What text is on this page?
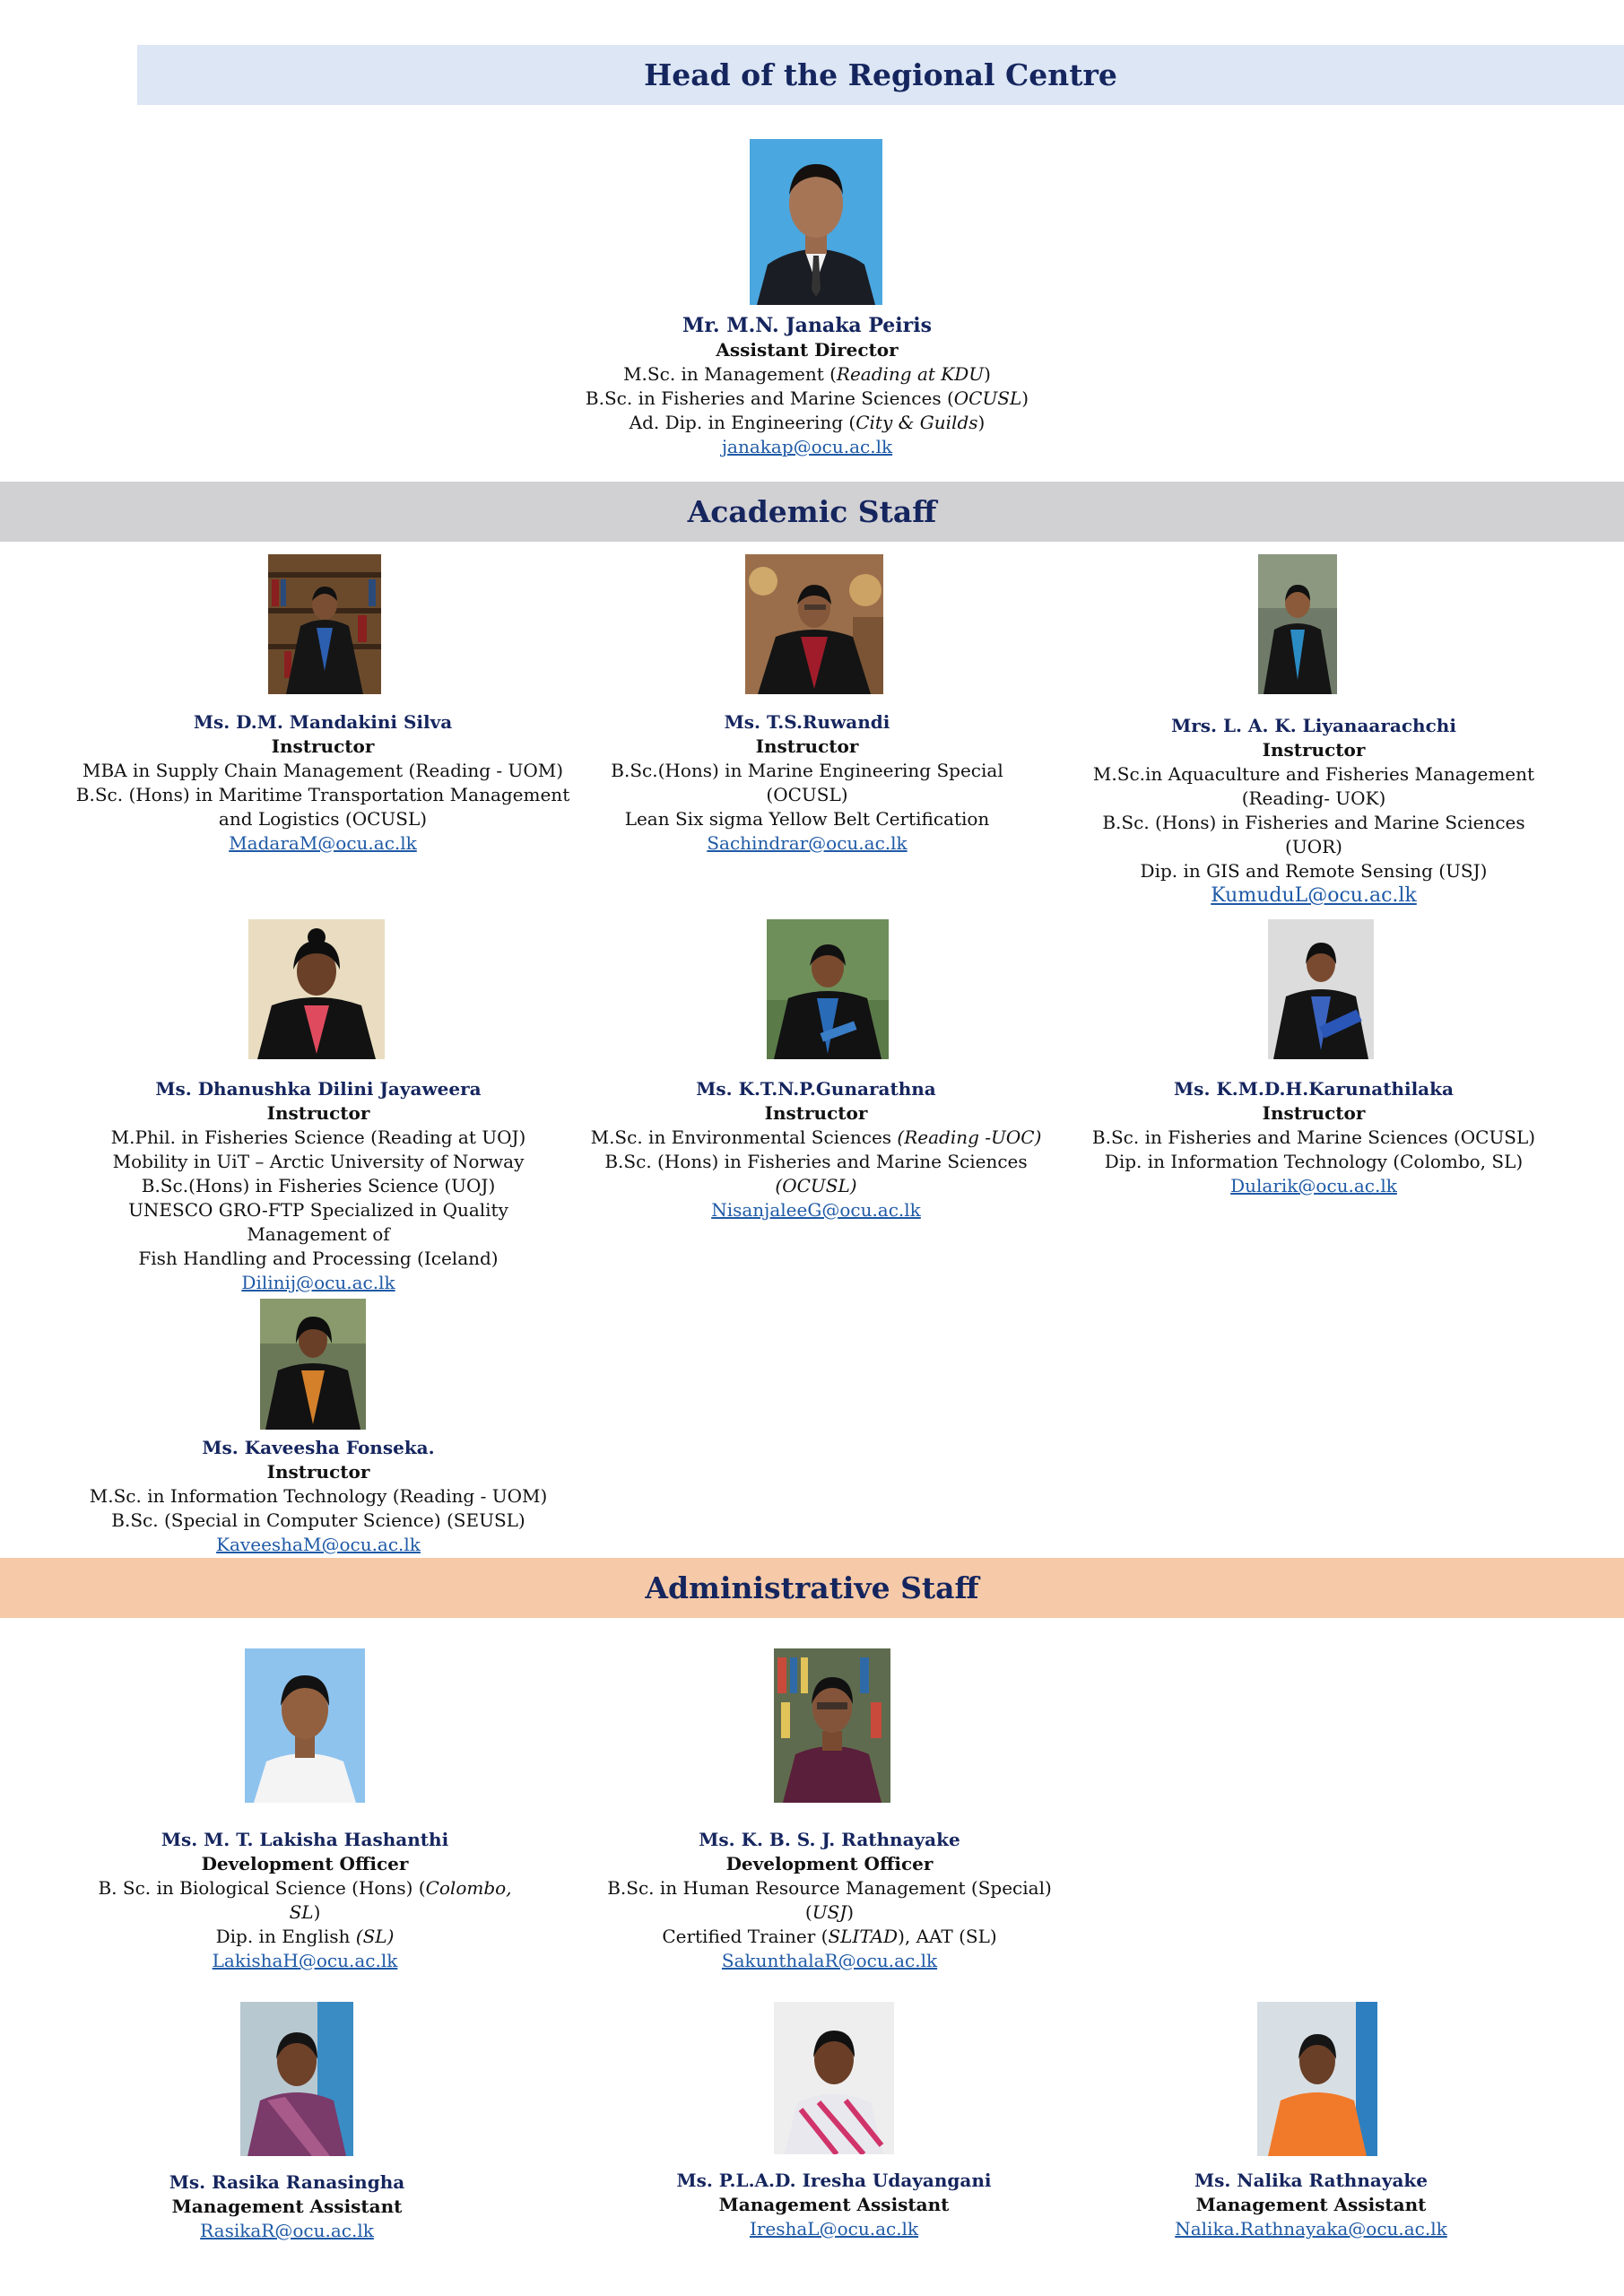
Head of the Regional Centre
Academic Staff
Administrative Staff
Mr. M.N. Janaka Peiris
Assistant Director
M.Sc. in Management (Reading at KDU)
B.Sc. in Fisheries and Marine Sciences (OCUSL)
Ad. Dip. in Engineering (City & Guilds)
janakap@ocu.ac.lk
Ms. D.M. Mandakini Silva
Instructor
MBA in Supply Chain Management (Reading - UOM)
B.Sc. (Hons) in Maritime Transportation Management
and Logistics (OCUSL)
MadaraM@ocu.ac.lk
Ms. T.S.Ruwandi
Instructor
B.Sc.(Hons) in Marine Engineering Special (OCUSL)
Lean Six sigma Yellow Belt Certification
Sachindrar@ocu.ac.lk
Mrs. L. A. K. Liyanaarachchi
Instructor
M.Sc.in Aquaculture and Fisheries Management
(Reading- UOK)
B.Sc. (Hons) in Fisheries and Marine Sciences (UOR)
Dip. in GIS and Remote Sensing (USJ)
KumuduL@ocu.ac.lk
Ms. Dhanushka Dilini Jayaweera
Instructor
M.Phil. in Fisheries Science (Reading at UOJ)
Mobility in UiT – Arctic University of Norway
B.Sc.(Hons) in Fisheries Science (UOJ)
UNESCO GRO-FTP Specialized in Quality Management of
Fish Handling and Processing (Iceland)
Dilinij@ocu.ac.lk
Ms. K.T.N.P.Gunarathna
Instructor
M.Sc. in Environmental Sciences (Reading -UOC)
B.Sc. (Hons) in Fisheries and Marine Sciences (OCUSL)
NisanjaleeG@ocu.ac.lk
Ms. K.M.D.H.Karunathilaka
Instructor
B.Sc. in Fisheries and Marine Sciences (OCUSL)
Dip. in Information Technology (Colombo, SL)
Dularik@ocu.ac.lk
Ms. Kaveesha Fonseka.
Instructor
M.Sc. in Information Technology (Reading - UOM)
B.Sc. (Special in Computer Science) (SEUSL)
KaveeshaM@ocu.ac.lk
Ms. M. T. Lakisha Hashanthi
Development Officer
B. Sc. in Biological Science (Hons) (Colombo, SL)
Dip. in English (SL)
LakishaH@ocu.ac.lk
Ms. K. B. S. J. Rathnayake
Development Officer
B.Sc. in Human Resource Management (Special) (USJ)
Certified Trainer (SLITAD), AAT (SL)
SakunthalaR@ocu.ac.lk
Ms. Rasika Ranasingha
Management Assistant
RasikaR@ocu.ac.lk
Ms. P.L.A.D. Iresha Udayangani
Management Assistant
IreshaL@ocu.ac.lk
Ms. Nalika Rathnayake
Management Assistant
Nalika.Rathnayaka@ocu.ac.lk
